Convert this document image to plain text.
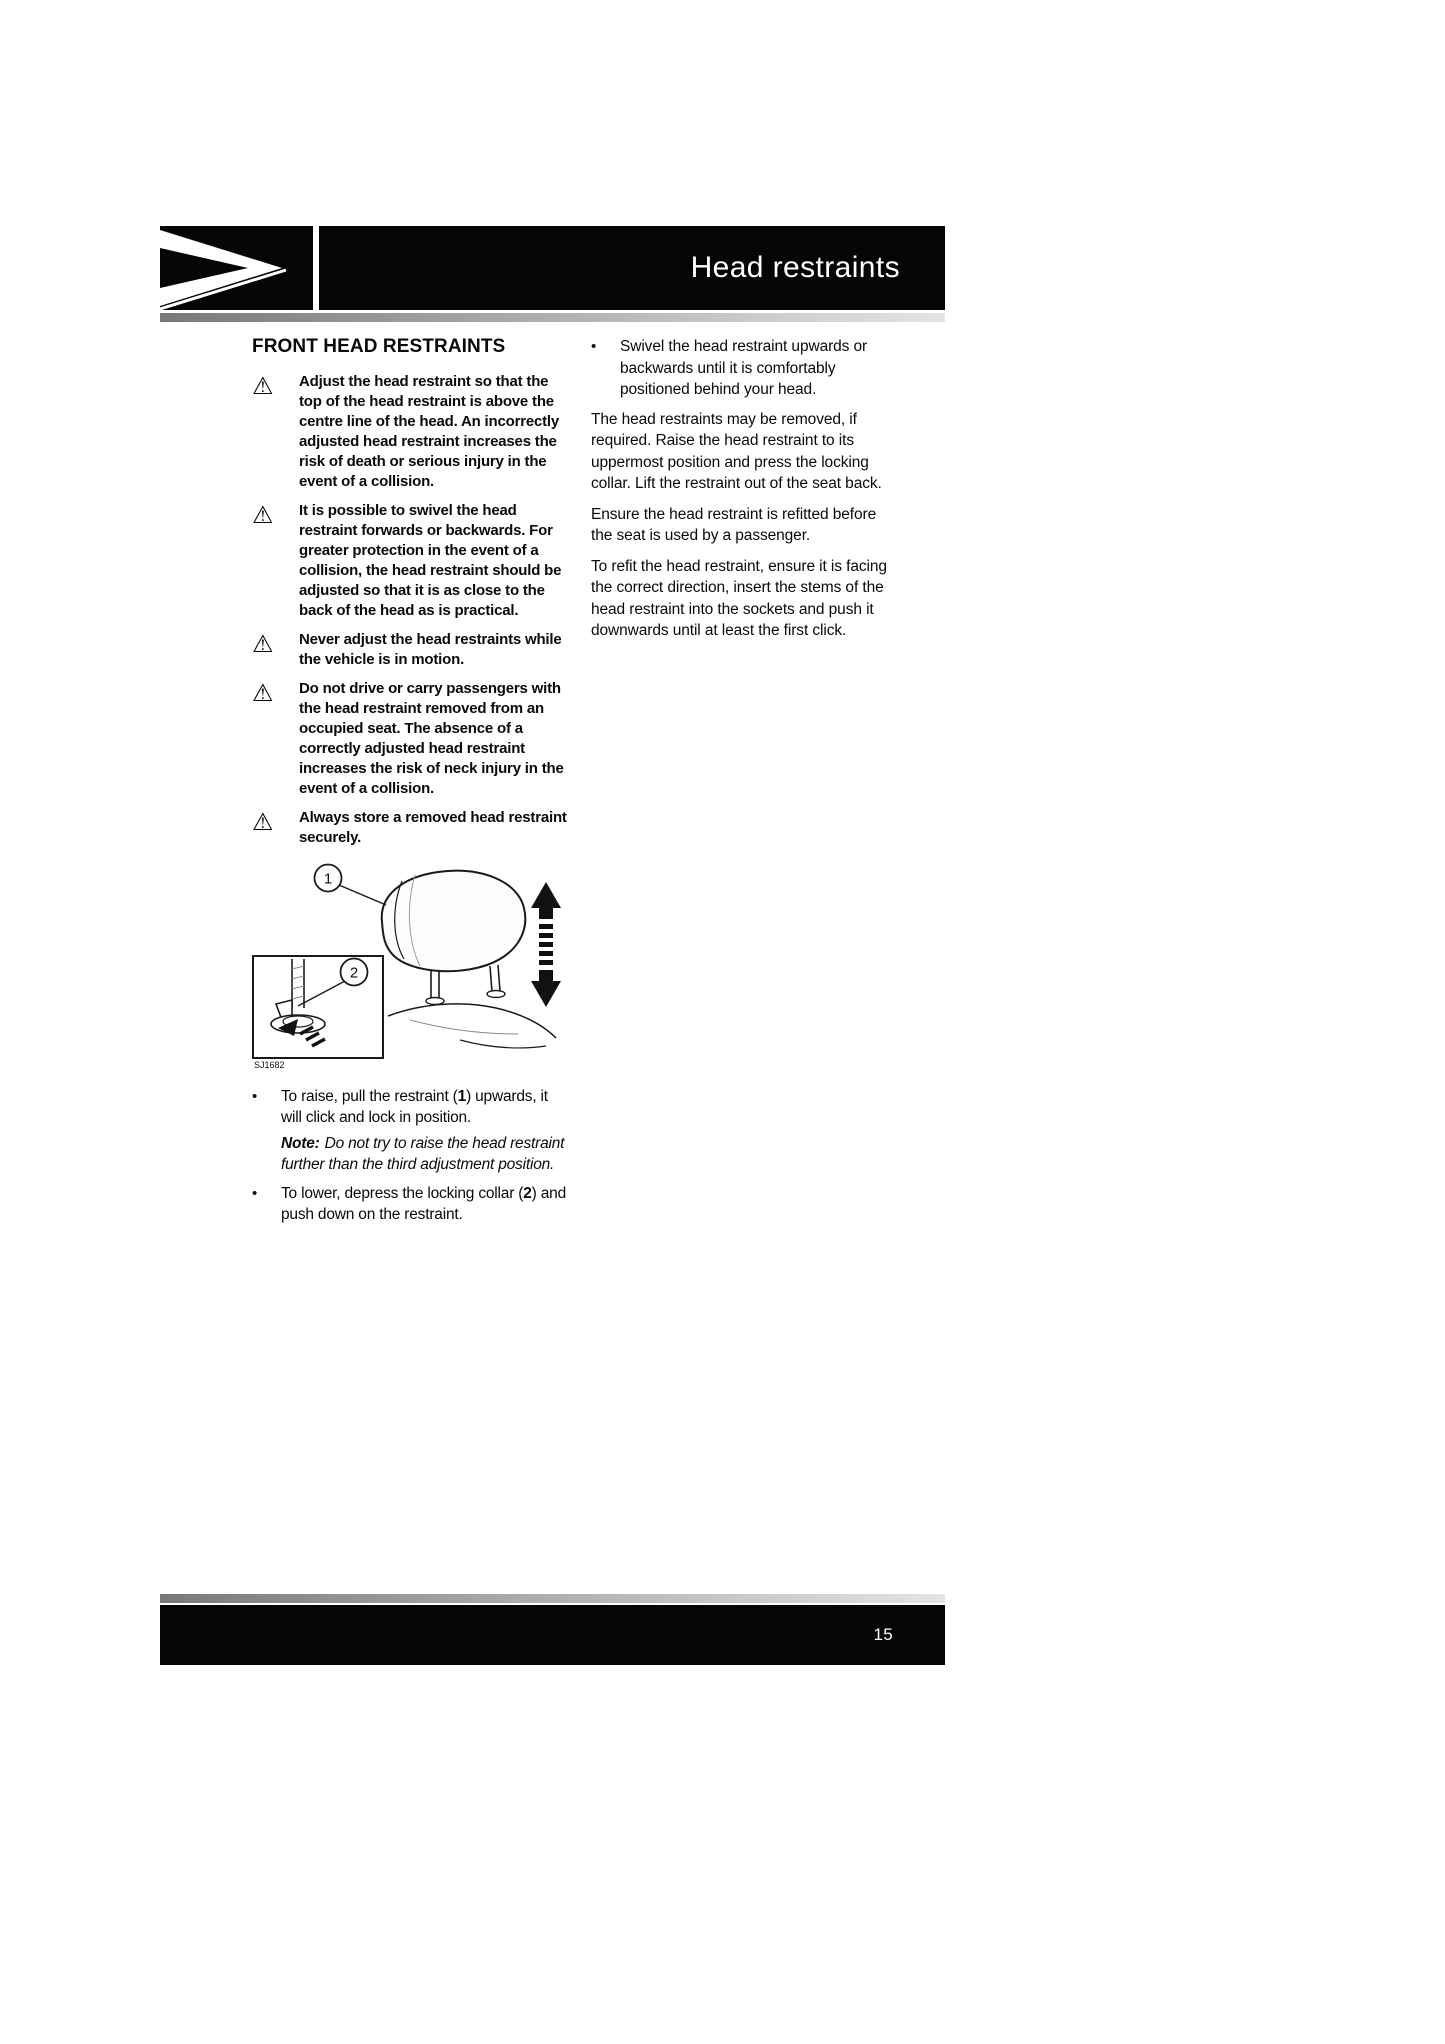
Head restraints
FRONT HEAD RESTRAINTS
⚠	Adjust the head restraint so that the top of the head restraint is above the centre line of the head. An incorrectly adjusted head restraint increases the risk of death or serious injury in the event of a collision.

⚠	It is possible to swivel the head restraint forwards or backwards. For greater protection in the event of a collision, the head restraint should be adjusted so that it is as close to the back of the head as is practical.

⚠	Never adjust the head restraints while the vehicle is in motion.

⚠	Do not drive or carry passengers with the head restraint removed from an occupied seat. The absence of a correctly adjusted head restraint increases the risk of neck injury in the event of a collision.

⚠	Always store a removed head restraint securely.

2
1
SJ1682
•	To raise, pull the restraint (1) upwards, it will click and lock in position.

Note: Do not try to raise the head restraint further than the third adjustment position.

•	To lower, depress the locking collar (2) and push down on the restraint.

•	Swivel the head restraint upwards or backwards until it is comfortably positioned behind your head.

The head restraints may be removed, if required. Raise the head restraint to its uppermost position and press the locking collar. Lift the restraint out of the seat back.

Ensure the head restraint is refitted before the seat is used by a passenger.

To refit the head restraint, ensure it is facing the correct direction, insert the stems of the head restraint into the sockets and push it downwards until at least the first click.

15
